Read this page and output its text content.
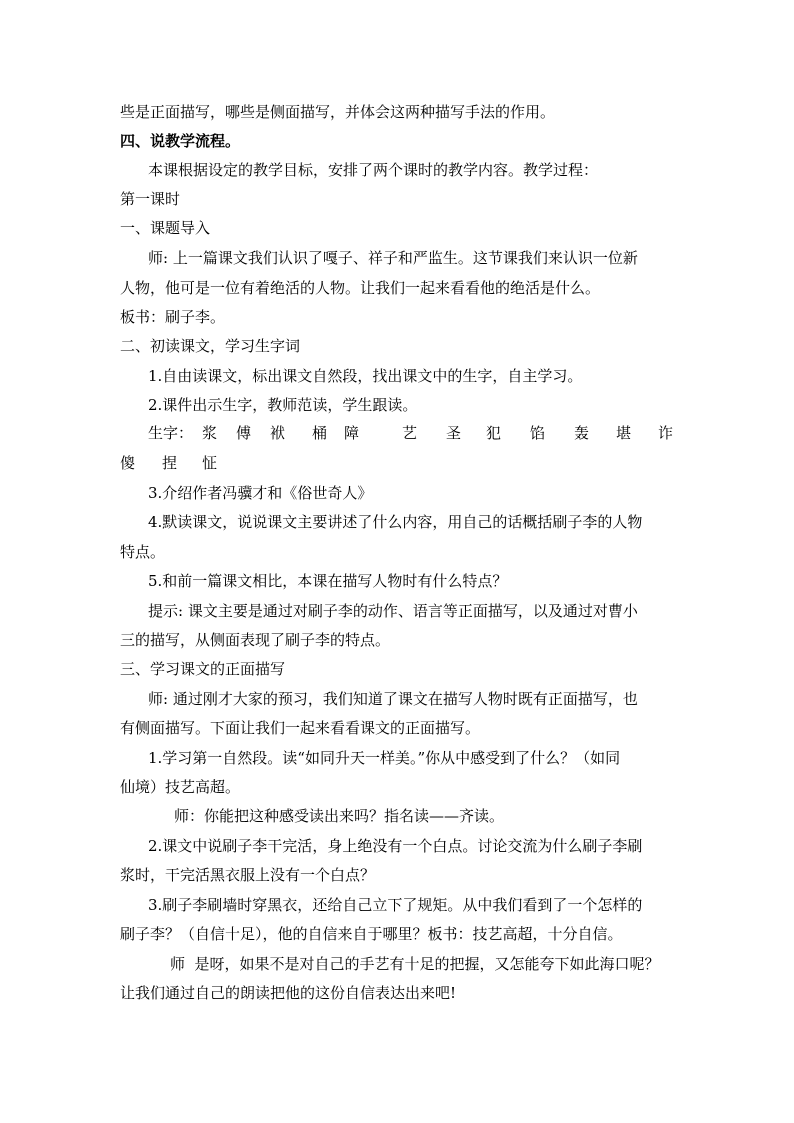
些是正面描写，哪些是侧面描写，并体会这两种描写手法的作用。
四、说教学流程。
本课根据设定的教学目标，安排了两个课时的教学内容。教学过程：
第一课时
一、课题导入
师: 上一篇课文我们认识了嘎子、祥子和严监生。这节课我们来认识一位新
人物，他可是一位有着绝活的人物。让我们一起来看看他的绝活是什么。
板书：刷子李。
二、初读课文，学习生字词
1.自由读课文，标出课文自然段，找出课文中的生字，自主学习。
2.课件出示生字，教师范读，学生跟读。
生字： 浆 傅 袱 桶 障	艺 圣 犯 馅 轰 堪 诈
傻 捏 怔
3.介绍作者冯骥才和《俗世奇人》
4.默读课文，说说课文主要讲述了什么内容，用自己的话概括刷子李的人物
特点。
5.和前一篇课文相比，本课在描写人物时有什么特点？
提示: 课文主要是通过对刷子李的动作、语言等正面描写，以及通过对曹小
三的描写，从侧面表现了刷子李的特点。
三、学习课文的正面描写
师: 通过刚才大家的预习，我们知道了课文在描写人物时既有正面描写，也
有侧面描写。下面让我们一起来看看课文的正面描写。
1.学习第一自然段。读“如同升天一样美。”你从中感受到了什么？（如同
仙境）技艺高超。
师：你能把这种感受读出来吗？指名读——齐读。
2.课文中说刷子李干完活，身上绝没有一个白点。讨论交流为什么刷子李刷
浆时，干完活黑衣服上没有一个白点？
3.刷子李刷墙时穿黑衣，还给自己立下了规矩。从中我们看到了一个怎样的
刷子李？（自信十足），他的自信来自于哪里？板书：技艺高超，十分自信。
师  是呀，如果不是对自己的手艺有十足的把握，又怎能夸下如此海口呢？
让我们通过自己的朗读把他的这份自信表达出来吧!
